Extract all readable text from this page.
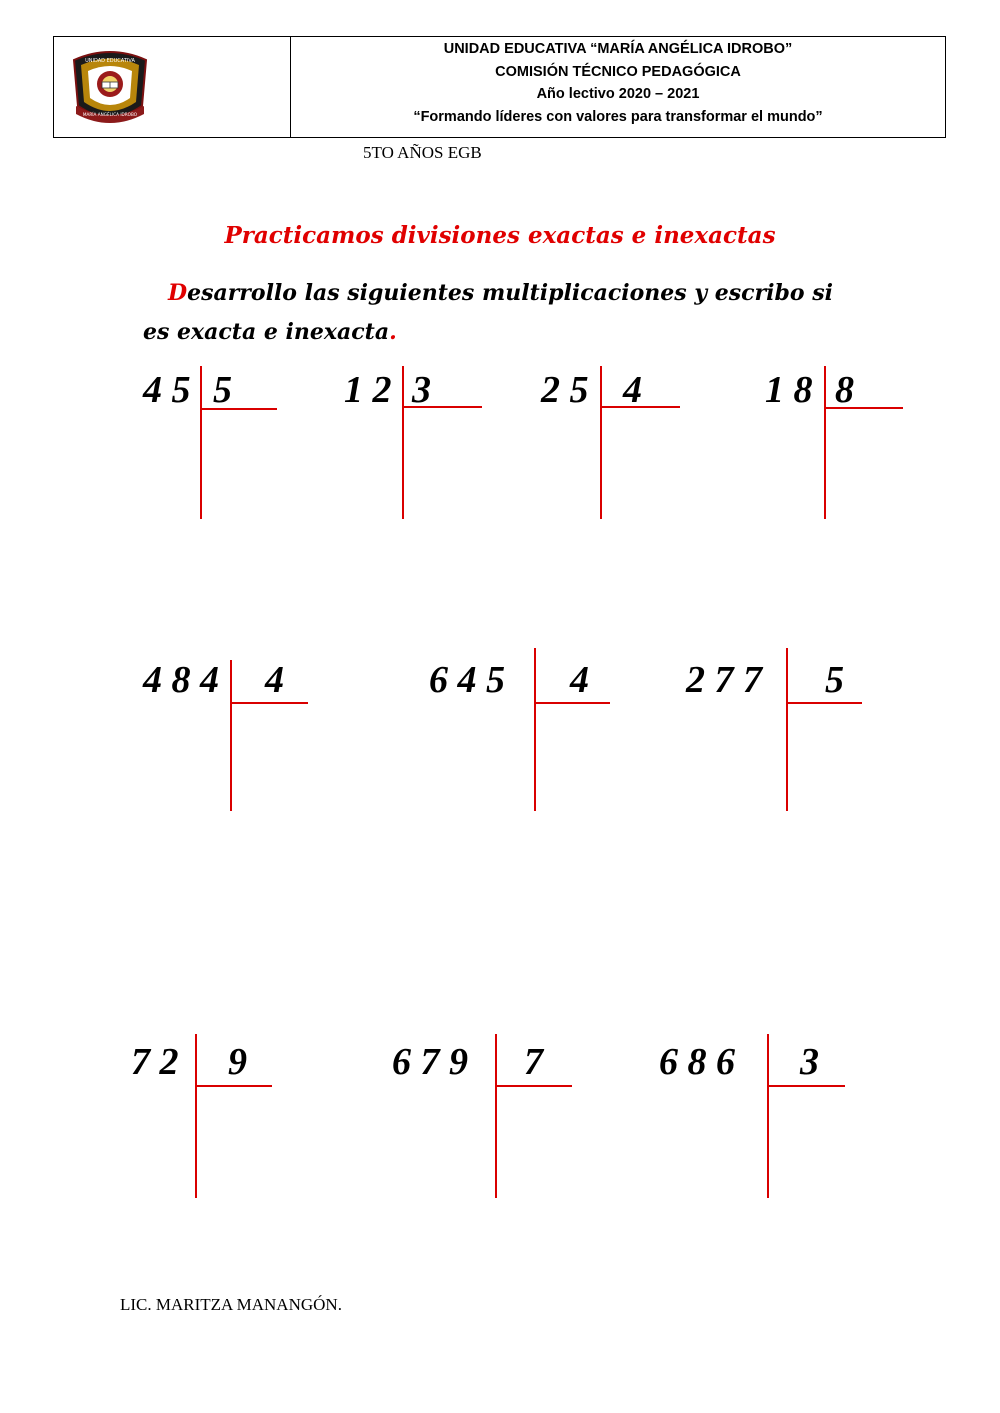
UNIDAD EDUCATIVA
MARÍA ANGÉLICA IDROBO
UNIDAD EDUCATIVA “MARÍA ANGÉLICA IDROBO”
COMISIÓN TÉCNICO PEDAGÓGICA
Año lectivo 2020 – 2021
“Formando líderes con valores para transformar el mundo”
5TO AÑOS EGB
Practicamos divisiones exactas e inexactas
Desarrollo las siguientes multiplicaciones y escribo si es exacta e inexacta.
4 5 5	1 2 3	2 5 4	1 8 8
4 8 4 4	6 4 5 4	2 7 7 5
7 2 9	6 7 9 7	6 8 6 3
LIC. MARITZA MANANGÓN.
